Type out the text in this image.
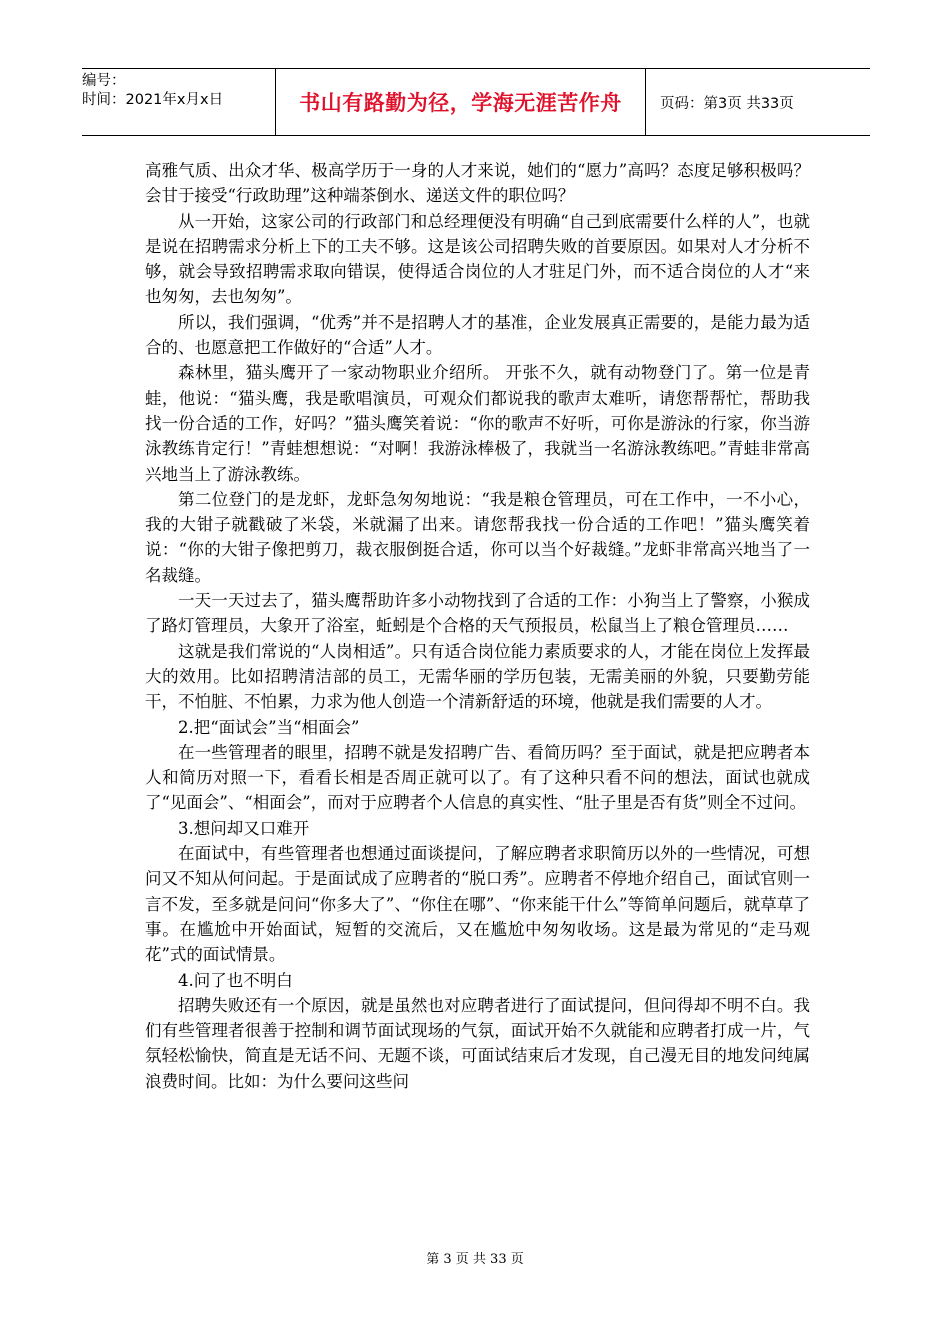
编号：
时间：2021年x月x日	书山有路勤为径，学海无涯苦作舟	页码：第3页 共33页

高雅气质、出众才华、极高学历于一身的人才来说，她们的“愿力”高吗？态度足够积极吗？会甘于接受“行政助理”这种端茶倒水、递送文件的职位吗？

从一开始，这家公司的行政部门和总经理便没有明确“自己到底需要什么样的人”，也就是说在招聘需求分析上下的工夫不够。这是该公司招聘失败的首要原因。如果对人才分析不够，就会导致招聘需求取向错误，使得适合岗位的人才驻足门外，而不适合岗位的人才“来也匆匆，去也匆匆”。

所以，我们强调，“优秀”并不是招聘人才的基准，企业发展真正需要的，是能力最为适合的、也愿意把工作做好的“合适”人才。

森林里，猫头鹰开了一家动物职业介绍所。 开张不久，就有动物登门了。第一位是青蛙，他说：“猫头鹰，我是歌唱演员，可观众们都说我的歌声太难听，请您帮帮忙，帮助我找一份合适的工作，好吗？”猫头鹰笑着说：“你的歌声不好听，可你是游泳的行家，你当游泳教练肯定行！”青蛙想想说：“对啊！我游泳棒极了，我就当一名游泳教练吧。”青蛙非常高兴地当上了游泳教练。

第二位登门的是龙虾，龙虾急匆匆地说：“我是粮仓管理员，可在工作中，一不小心，我的大钳子就戳破了米袋，米就漏了出来。请您帮我找一份合适的工作吧！”猫头鹰笑着说：“你的大钳子像把剪刀，裁衣服倒挺合适，你可以当个好裁缝。”龙虾非常高兴地当了一名裁缝。

一天一天过去了，猫头鹰帮助许多小动物找到了合适的工作：小狗当上了警察，小猴成了路灯管理员，大象开了浴室，蚯蚓是个合格的天气预报员，松鼠当上了粮仓管理员……

这就是我们常说的“人岗相适”。只有适合岗位能力素质要求的人，才能在岗位上发挥最大的效用。比如招聘清洁部的员工，无需华丽的学历包装，无需美丽的外貌，只要勤劳能干，不怕脏、不怕累，力求为他人创造一个清新舒适的环境，他就是我们需要的人才。

2.把“面试会”当“相面会”

在一些管理者的眼里，招聘不就是发招聘广告、看简历吗？至于面试，就是把应聘者本人和简历对照一下，看看长相是否周正就可以了。有了这种只看不问的想法，面试也就成了“见面会”、“相面会”，而对于应聘者个人信息的真实性、“肚子里是否有货”则全不过问。

3.想问却又口难开

在面试中，有些管理者也想通过面谈提问，了解应聘者求职简历以外的一些情况，可想问又不知从何问起。于是面试成了应聘者的“脱口秀”。应聘者不停地介绍自己，面试官则一言不发，至多就是问问“你多大了”、“你住在哪”、“你来能干什么”等简单问题后，就草草了事。在尴尬中开始面试，短暂的交流后，又在尴尬中匆匆收场。这是最为常见的“走马观花”式的面试情景。

4.问了也不明白

招聘失败还有一个原因，就是虽然也对应聘者进行了面试提问，但问得却不明不白。我们有些管理者很善于控制和调节面试现场的气氛，面试开始不久就能和应聘者打成一片，气氛轻松愉快，简直是无话不问、无题不谈，可面试结束后才发现，自己漫无目的地发问纯属浪费时间。比如：为什么要问这些问

第 3 页 共 33 页
